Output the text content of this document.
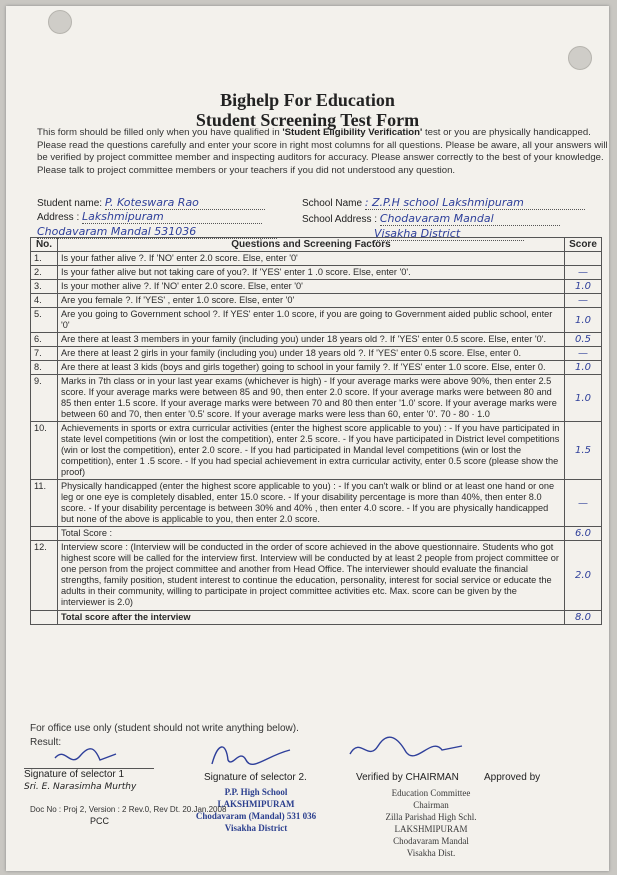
Bighelp For Education
Student Screening Test Form
This form should be filled only when you have qualified in 'Student Eligibility Verification' test or you are physically handicapped. Please read the questions carefully and enter your score in right most columns for all questions. Please be aware, all your answers will be verified by project committee member and inspecting auditors for accuracy. Please answer correctly to the best of your knowledge. Please talk to project committee members or your teachers if you did not understood any question.
Student name: P. Koteswara Rao	School Name : Z.P.H school Lakshmipuram
Address : Lakshmipuram	School Address : Chodavaram Mandal
Chodavaram Mandal 531036	Visakha District
No.	Questions and Screening Factors	Score
1.	Is your father alive ?. If 'NO' enter 2.0 score. Else, enter '0'	
2.	Is your father alive but not taking care of you?. If 'YES' enter 1 .0 score. Else, enter '0'.	—
3.	Is your mother alive ?. If 'NO' enter 2.0 score. Else, enter '0'	1.0
4.	Are you female ?. If 'YES' , enter 1.0 score. Else, enter '0'	—
5.	Are you going to Government school ?. If YES' enter 1.0 score, if you are going to Government aided public school, enter '0'	1.0
6.	Are there at least 3 members in your family (including you) under 18 years old ?. If 'YES' enter 0.5 score. Else, enter '0'.	0.5
7.	Are there at least 2 girls in your family (including you) under 18 years old ?. If 'YES' enter 0.5 score. Else, enter 0.	—
8.	Are there at least 3 kids (boys and girls together) going to school in your family ?. If 'YES' enter 1.0 score. Else, enter 0.	1.0
9.	Marks in 7th class or in your last year exams (whichever is high) - If your average marks were above 90%, then enter 2.5 score. If your average marks were between 85 and 90, then enter 2.0 score. If your average marks were between 80 and 85 then enter 1.5 score. If your average marks were between 70 and 80 then enter '1.0' score. If your average marks were between 60 and 70, then enter '0.5' score. If your average marks were less than 60, enter '0'. 70 - 80 · 1.0	1.0
10.	Achievements in sports or extra curricular activities (enter the highest score applicable to you) : - If you have participated in state level competitions (win or lost the competition), enter 2.5 score. - If you have participated in District level competitions (win or lost the competition), enter 2.0 score. - If you had participated in Mandal level competitions (win or lost the competition), enter 1 .5 score. - If you had special achievement in extra curricular activity, enter 0.5 score (please show the proof)	1.5
11.	Physically handicapped (enter the highest score applicable to you) : - If you can't walk or blind or at least one hand or one leg or one eye is completely disabled, enter 15.0 score. - If your disability percentage is more than 40%, then enter 8.0 score. - If your disability percentage is between 30% and 40% , then enter 4.0 score. - If you are physically handicapped but none of the above is applicable to you, then enter 2.0 score.	—
	Total Score :	6.0
12.	Interview score : (Interview will be conducted in the order of score achieved in the above questionnaire. Students who got highest score will be called for the interview first. Interview will be conducted by at least 2 people from project committee or one person from the project committee and another from Head Office. The interviewer should evaluate the financial strengths, family position, student interest to continue the education, personality, interest for social service or educate the adults in their community, willing to participate in project committee activities etc. Max. score can be given by the interviewer is 2.0)	2.0
	Total score after the interview	8.0
For office use only (student should not write anything below).
Result:
Signature of selector 1
Sri. E. Narasimha Murthy
PCC
Signature of selector 2.
P.P. High School
LAKSHMIPURAM
Chodavaram (Mandal) 531 036
Visakha District
Verified by CHAIRMAN	Approved by
Education Committee
Chairman
Zilla Parishad High Schl.
LAKSHMIPURAM
Chodavaram Mandal
Visakha Dist.
Doc No : Proj 2, Version : 2 Rev.0, Rev Dt. 20.Jan.2008
